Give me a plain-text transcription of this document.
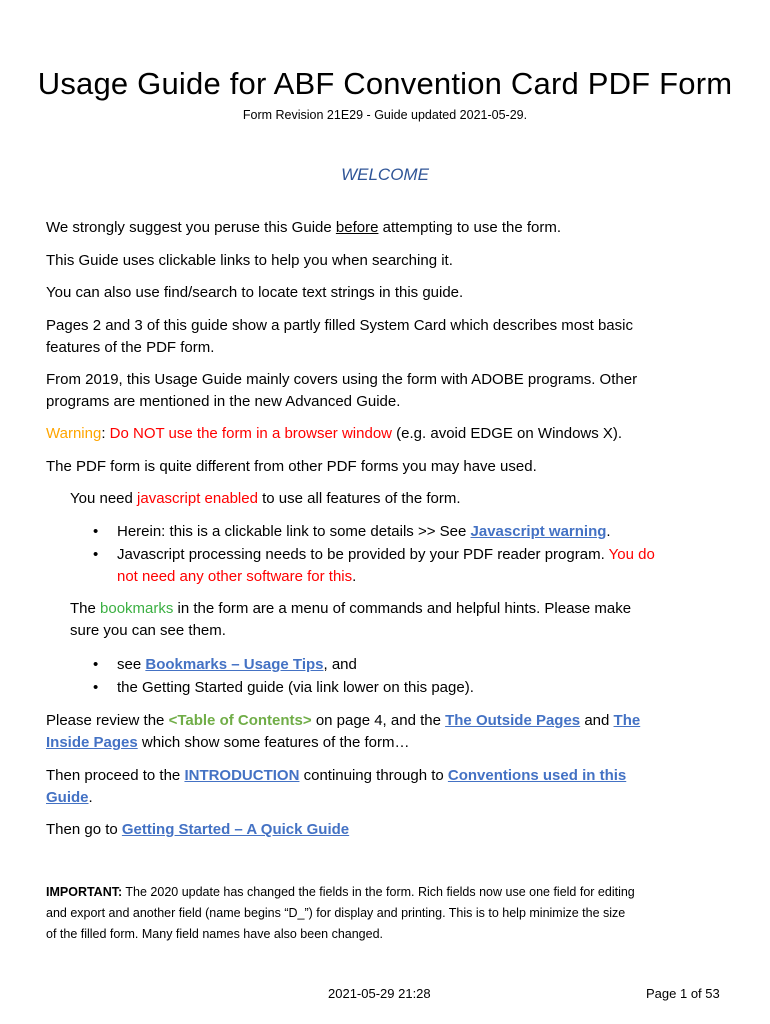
Usage Guide for ABF Convention Card PDF Form

Form Revision 21E29 - Guide updated 2021-05-29.

WELCOME

We strongly suggest you peruse this Guide before attempting to use the form.

This Guide uses clickable links to help you when searching it.

You can also use find/search to locate text strings in this guide.

Pages 2 and 3 of this guide show a partly filled System Card which describes most basic
features of the PDF form.

From 2019, this Usage Guide mainly covers using the form with ADOBE programs. Other
programs are mentioned in the new Advanced Guide.

Warning: Do NOT use the form in a browser window (e.g. avoid EDGE on Windows X).

The PDF form is quite different from other PDF forms you may have used.

You need javascript enabled to use all features of the form.

• Herein: this is a clickable link to some details >> See Javascript warning.

• Javascript processing needs to be provided by your PDF reader program. You do
not need any other software for this.

The bookmarks in the form are a menu of commands and helpful hints. Please make
sure you can see them.

• see Bookmarks – Usage Tips, and

• the Getting Started guide (via link lower on this page).

Please review the <Table of Contents> on page 4, and the The Outside Pages and The
Inside Pages which show some features of the form…

Then proceed to the INTRODUCTION continuing through to Conventions used in this
Guide.

Then go to Getting Started – A Quick Guide

IMPORTANT: The 2020 update has changed the fields in the form. Rich fields now use one field for editing
and export and another field (name begins “D_”) for display and printing. This is to help minimize the size
of the filled form. Many field names have also been changed.

2021-05-29 21:28	Page 1 of 53
